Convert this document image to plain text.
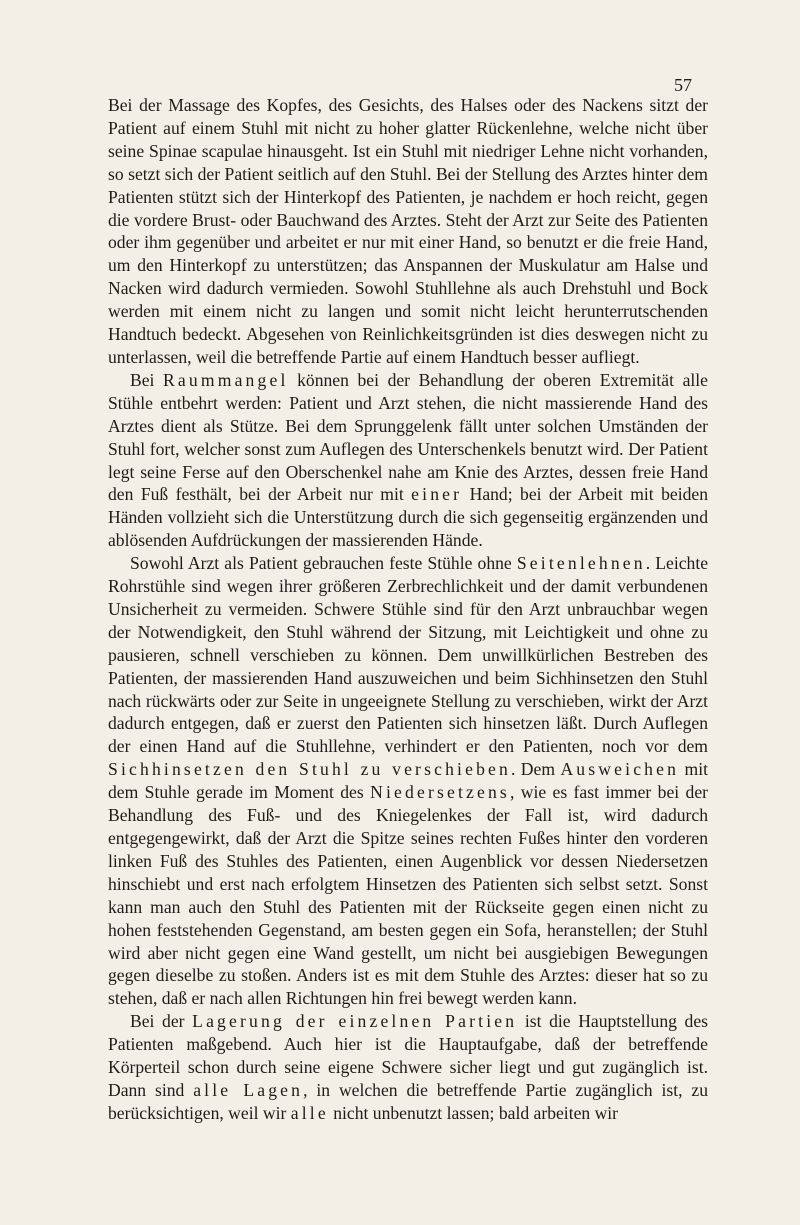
57

Bei der Massage des Kopfes, des Gesichts, des Halses oder des Nackens sitzt der Patient auf einem Stuhl mit nicht zu hoher glatter Rückenlehne, welche nicht über seine Spinae scapulae hinausgeht. Ist ein Stuhl mit niedriger Lehne nicht vorhanden, so setzt sich der Patient seitlich auf den Stuhl. Bei der Stellung des Arztes hinter dem Patienten stützt sich der Hinterkopf des Patienten, je nachdem er hoch reicht, gegen die vordere Brust- oder Bauchwand des Arztes. Steht der Arzt zur Seite des Patienten oder ihm gegenüber und arbeitet er nur mit einer Hand, so benutzt er die freie Hand, um den Hinterkopf zu unterstützen; das Anspannen der Muskulatur am Halse und Nacken wird dadurch vermieden. Sowohl Stuhllehne als auch Drehstuhl und Bock werden mit einem nicht zu langen und somit nicht leicht herunterrutschenden Handtuch bedeckt. Abgesehen von Reinlichkeitsgründen ist dies deswegen nicht zu unterlassen, weil die betreffende Partie auf einem Handtuch besser aufliegt.

Bei Raummangel können bei der Behandlung der oberen Extremität alle Stühle entbehrt werden: Patient und Arzt stehen, die nicht massierende Hand des Arztes dient als Stütze. Bei dem Sprunggelenk fällt unter solchen Umständen der Stuhl fort, welcher sonst zum Auflegen des Unterschenkels benutzt wird. Der Patient legt seine Ferse auf den Oberschenkel nahe am Knie des Arztes, dessen freie Hand den Fuß festhält, bei der Arbeit nur mit einer Hand; bei der Arbeit mit beiden Händen vollzieht sich die Unterstützung durch die sich gegenseitig ergänzenden und ablösenden Aufdrückungen der massierenden Hände.

Sowohl Arzt als Patient gebrauchen feste Stühle ohne Seitenlehnen. Leichte Rohrstühle sind wegen ihrer größeren Zerbrechlichkeit und der damit verbundenen Unsicherheit zu vermeiden. Schwere Stühle sind für den Arzt unbrauchbar wegen der Notwendigkeit, den Stuhl während der Sitzung, mit Leichtigkeit und ohne zu pausieren, schnell verschieben zu können. Dem unwillkürlichen Bestreben des Patienten, der massierenden Hand auszuweichen und beim Sichhinsetzen den Stuhl nach rückwärts oder zur Seite in ungeeignete Stellung zu verschieben, wirkt der Arzt dadurch entgegen, daß er zuerst den Patienten sich hinsetzen läßt. Durch Auflegen der einen Hand auf die Stuhllehne, verhindert er den Patienten, noch vor dem Sichhinsetzen den Stuhl zu verschieben. Dem Ausweichen mit dem Stuhle gerade im Moment des Niedersetzens, wie es fast immer bei der Behandlung des Fuß- und des Kniegelenkes der Fall ist, wird dadurch entgegengewirkt, daß der Arzt die Spitze seines rechten Fußes hinter den vorderen linken Fuß des Stuhles des Patienten, einen Augenblick vor dessen Niedersetzen hinschiebt und erst nach erfolgtem Hinsetzen des Patienten sich selbst setzt. Sonst kann man auch den Stuhl des Patienten mit der Rückseite gegen einen nicht zu hohen feststehenden Gegenstand, am besten gegen ein Sofa, heranstellen; der Stuhl wird aber nicht gegen eine Wand gestellt, um nicht bei ausgiebigen Bewegungen gegen dieselbe zu stoßen. Anders ist es mit dem Stuhle des Arztes: dieser hat so zu stehen, daß er nach allen Richtungen hin frei bewegt werden kann.

Bei der Lagerung der einzelnen Partien ist die Hauptstellung des Patienten maßgebend. Auch hier ist die Hauptaufgabe, daß der betreffende Körperteil schon durch seine eigene Schwere sicher liegt und gut zugänglich ist. Dann sind alle Lagen, in welchen die betreffende Partie zugänglich ist, zu berücksichtigen, weil wir alle nicht unbenutzt lassen; bald arbeiten wir
